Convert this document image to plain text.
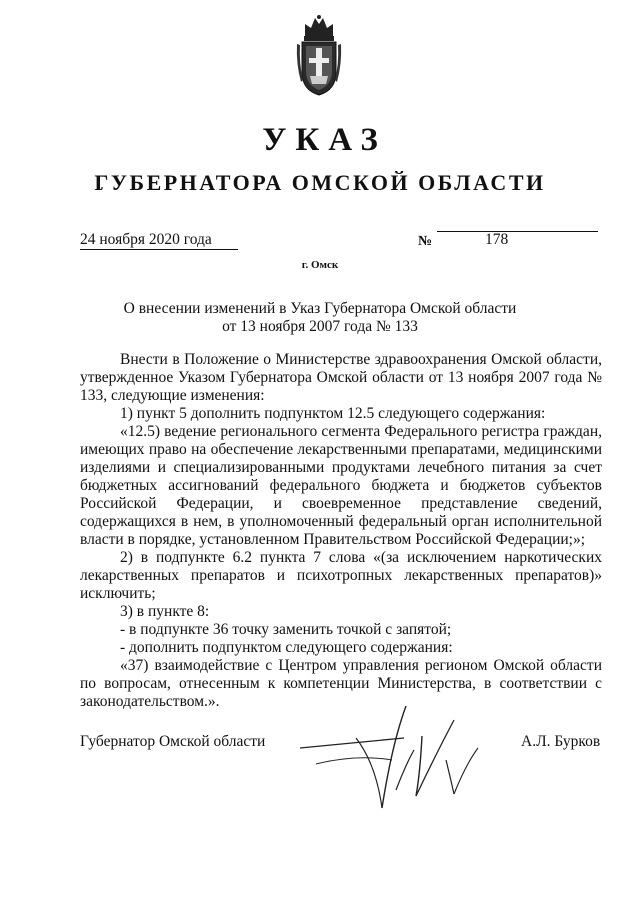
УКАЗ
ГУБЕРНАТОРА ОМСКОЙ ОБЛАСТИ
24 ноября 2020 года	№	178
г. Омск
О внесении изменений в Указ Губернатора Омской области
от 13 ноября 2007 года № 133

Внести в Положение о Министерстве здравоохранения Омской области, утвержденное Указом Губернатора Омской области от 13 ноября 2007 года № 133, следующие изменения:

1) пункт 5 дополнить подпунктом 12.5 следующего содержания:

«12.5) ведение регионального сегмента Федерального регистра граждан, имеющих право на обеспечение лекарственными препаратами, медицинскими изделиями и специализированными продуктами лечебного питания за счет бюджетных ассигнований федерального бюджета и бюджетов субъектов Российской Федерации, и своевременное представление сведений, содержащихся в нем, в уполномоченный федеральный орган исполнительной власти в порядке, установленном Правительством Российской Федерации;»;

2) в подпункте 6.2 пункта 7 слова «(за исключением наркотических лекарственных препаратов и психотропных лекарственных препаратов)» исключить;

3) в пункте 8:

- в подпункте 36 точку заменить точкой с запятой;

- дополнить подпунктом следующего содержания:

«37) взаимодействие с Центром управления регионом Омской области по вопросам, отнесенным к компетенции Министерства, в соответствии с законодательством.».

Губернатор Омской области	А.Л. Бурков
